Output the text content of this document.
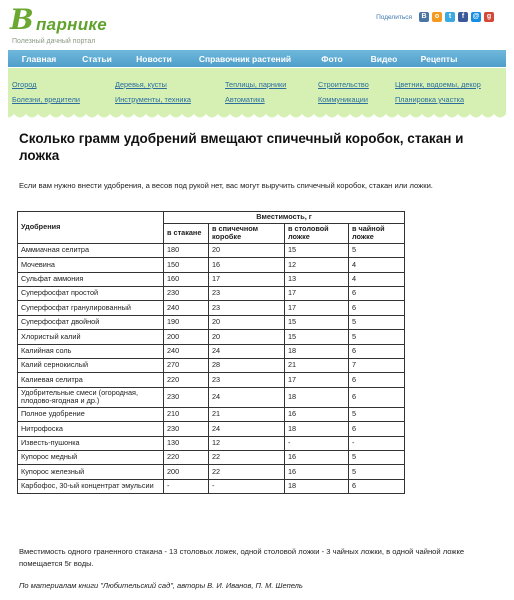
В парнике
Полезный дачный портал
Поделиться	В	о	t	f	@	g
Главная	Статьи	Новости	Справочник растений	Фото	Видео	Рецепты
Огород
Болезни, вредители
Деревья, кусты
Инструменты, техника
Теплицы, парники
Автоматика
Строительство
Коммуникации
Цветник, водоемы, декор
Планировка участка
Сколько грамм удобрений вмещают спичечный коробок, стакан и ложка

Если вам нужно внести удобрения, а весов под рукой нет, вас могут выручить спичечный коробок, стакан или ложки.

Удобрения	Вместимость, г			
	в стакане	в спичечном коробке	в столовой ложке	в чайной ложке
Аммиачная селитра	180	20	15	5
Мочевина	150	16	12	4
Сульфат аммония	160	17	13	4
Суперфосфат простой	230	23	17	6
Суперфосфат гранулированный	240	23	17	6
Суперфосфат двойной	190	20	15	5
Хлористый калий	200	20	15	5
Калийная соль	240	24	18	6
Калий сернокислый	270	28	21	7
Калиевая селитра	220	23	17	6
Удобрительные смеси (огородная, плодово-ягодная и др.)	230	24	18	6
Полное удобрение	210	21	16	5
Нитрофоска	230	24	18	6
Известь-пушонка	130	12	-	-
Купорос медный	220	22	16	5
Купорос железный	200	22	16	5
Карбофос, 30-ый концентрат эмульсии	-	-	18	6

Вместимость одного граненного стакана - 13 столовых ложек, одной столовой ложки - 3 чайных ложки, в одной чайной ложке помещается 5г воды.

По материалам книги "Любительский сад", авторы В. И. Иванов, П. М. Шепель
